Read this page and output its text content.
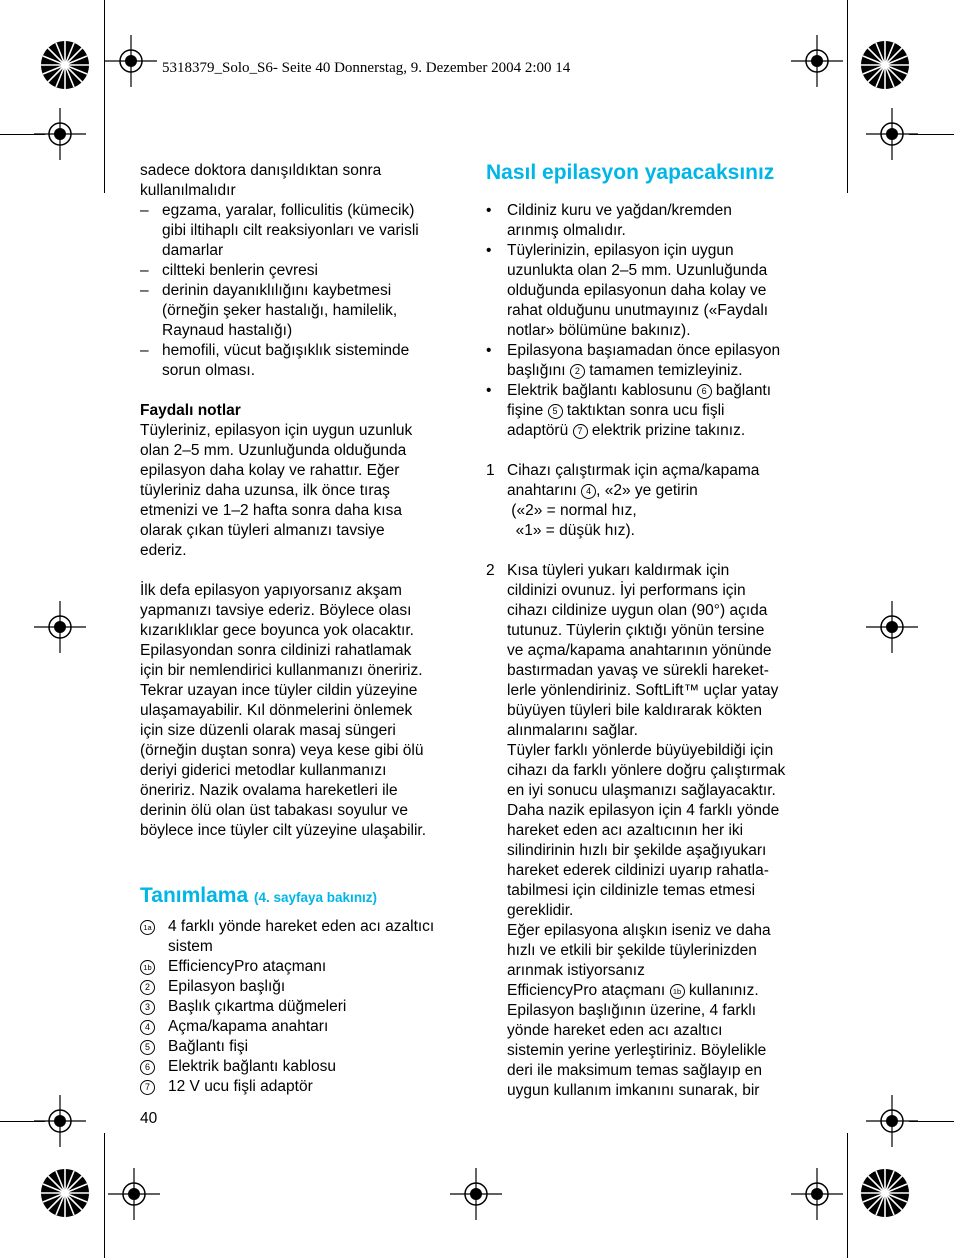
5318379_Solo_S6- Seite 40 Donnerstag, 9. Dezember 2004 2:00 14

sadece doktora danışıldıktan sonra

kullanılmalıdır

– egzama, yaralar, folliculitis (kümecik)

gibi iltihaplı cilt reaksiyonları ve varisli

damarlar

– ciltteki benlerin çevresi

– derinin dayanıklılığını kaybetmesi

(örneğin şeker hastalığı, hamilelik,

Raynaud hastalığı)

– hemofili, vücut bağışıklık sisteminde

sorun olması.

Faydalı notlar

Tüyleriniz, epilasyon için uygun uzunluk

olan 2–5 mm. Uzunluğunda olduğunda

epilasyon daha kolay ve rahattır. Eğer

tüyleriniz daha uzunsa, ilk önce tıraş

etmenizi ve 1–2 hafta sonra daha kısa

olarak çıkan tüyleri almanızı tavsiye

ederiz.

İlk defa epilasyon yapıyorsanız akşam

yapmanızı tavsiye ederiz. Böylece olası

kızarıklıklar gece boyunca yok olacaktır.

Epilasyondan sonra cildinizi rahatlamak

için bir nemlendirici kullanmanızı öneririz.

Tekrar uzayan ince tüyler cildin yüzeyine

ulaşamayabilir. Kıl dönmelerini önlemek

için size düzenli olarak masaj süngeri

(örneğin duştan sonra) veya kese gibi ölü

deriyi giderici metodlar kullanmanızı

öneririz. Nazik ovalama hareketleri ile

derinin ölü olan üst tabakası soyulur ve

böylece ince tüyler cilt yüzeyine ulaşabilir.

Tanımlama (4. sayfaya bakınız)

1a	4 farklı yönde hareket eden acı azaltıcı

sistem

1b	EfficiencyPro ataçmanı

2	Epilasyon başlığı

3	Başlık çıkartma düğmeleri

4	Açma/kapama anahtarı

5	Bağlantı fişi

6	Elektrik bağlantı kablosu

7	12 V ucu fişli adaptör

40

Nasıl epilasyon yapacaksınız

•	Cildiniz kuru ve yağdan/kremden

arınmış olmalıdır.

•	Tüylerinizin, epilasyon için uygun

uzunlukta olan 2–5 mm. Uzunluğunda

olduğunda epilasyonun daha kolay ve

rahat olduğunu unutmayınız («Faydalı

notlar» bölümüne bakınız).

•	Epilasyona başıamadan önce epilasyon

başlığını 2 tamamen temizleyiniz.

•	Elektrik bağlantı kablosunu 6 bağlantı

fişine 5 taktıktan sonra ucu fişli

adaptörü 7 elektrik prizine takınız.

1 Cihazı çalıştırmak için açma/kapama

anahtarını 4 , «2» ye getirin

(«2» = normal hız,

«1» = düşük hız).

2 Kısa tüyleri yukarı kaldırmak için

cildinizi ovunuz. İyi performans için

cihazı cildinize uygun olan (90°) açıda

tutunuz. Tüylerin çıktığı yönün tersine

ve açma/kapama anahtarının yönünde

bastırmadan yavaş ve sürekli hareket-

lerle yönlendiriniz. SoftLift™ uçlar yatay

büyüyen tüyleri bile kaldırarak kökten

alınmalarını sağlar.

Tüyler farklı yönlerde büyüyebildiği için

cihazı da farklı yönlere doğru çalıştırmak

en iyi sonucu ulaşmanızı sağlayacaktır.

Daha nazik epilasyon için 4 farklı yönde

hareket eden acı azaltıcının her iki

silindirinin hızlı bir şekilde aşağıyukarı

hareket ederek cildinizi uyarıp rahatla-

tabilmesi için cildinizle temas etmesi

gereklidir.

Eğer epilasyona alışkın iseniz ve daha

hızlı ve etkili bir şekilde tüylerinizden

arınmak istiyorsanız

EfficiencyPro ataçmanı 1b kullanınız.

Epilasyon başlığının üzerine, 4 farklı

yönde hareket eden acı azaltıcı

sistemin yerine yerleştiriniz. Böylelikle

deri ile maksimum temas sağlayıp en

uygun kullanım imkanını sunarak, bir
